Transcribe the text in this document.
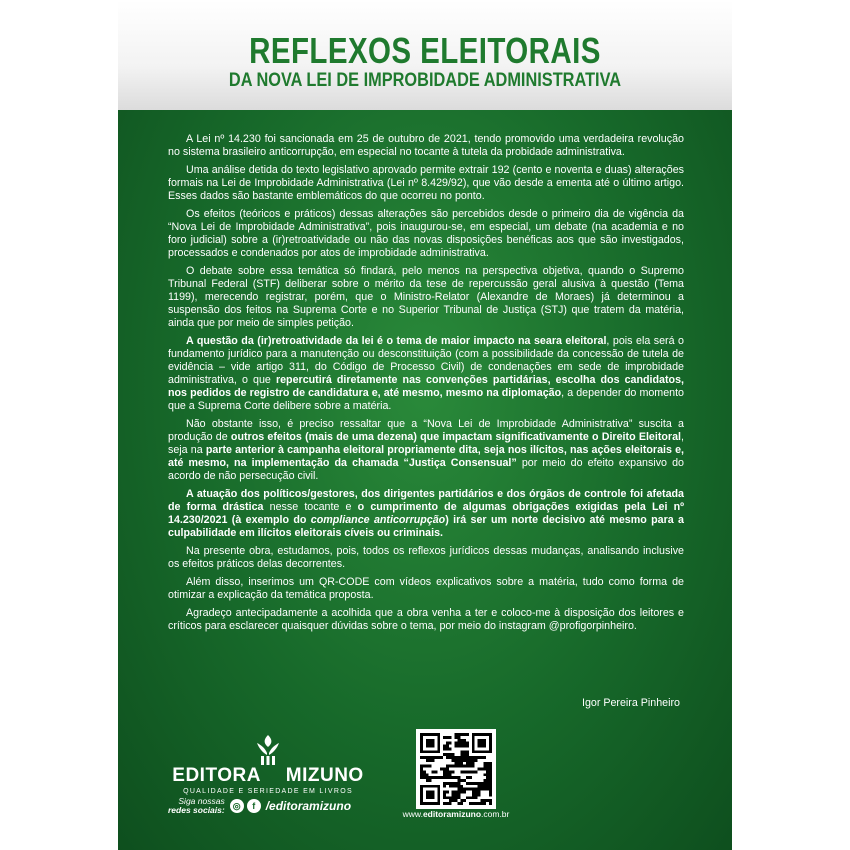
REFLEXOS ELEITORAIS
DA NOVA LEI DE IMPROBIDADE ADMINISTRATIVA

A Lei nº 14.230 foi sancionada em 25 de outubro de 2021, tendo promovido uma verdadeira revolução no sistema brasileiro anticorrupção, em especial no tocante à tutela da probidade administrativa.

Uma análise detida do texto legislativo aprovado permite extrair 192 (cento e noventa e duas) alterações formais na Lei de Improbidade Administrativa (Lei nº 8.429/92), que vão desde a ementa até o último artigo. Esses dados são bastante emblemáticos do que ocorreu no ponto.

Os efeitos (teóricos e práticos) dessas alterações são percebidos desde o primeiro dia de vigência da “Nova Lei de Improbidade Administrativa”, pois inaugurou-se, em especial, um debate (na academia e no foro judicial) sobre a (ir)retroatividade ou não das novas disposições benéficas aos que são investigados, processados e condenados por atos de improbidade administrativa.

O debate sobre essa temática só findará, pelo menos na perspectiva objetiva, quando o Supremo Tribunal Federal (STF) deliberar sobre o mérito da tese de repercussão geral alusiva à questão (Tema 1199), merecendo registrar, porém, que o Ministro-Relator (Alexandre de Moraes) já determinou a suspensão dos feitos na Suprema Corte e no Superior Tribunal de Justiça (STJ) que tratem da matéria, ainda que por meio de simples petição.

A questão da (ir)retroatividade da lei é o tema de maior impacto na seara eleitoral, pois ela será o fundamento jurídico para a manutenção ou desconstituição (com a possibilidade da concessão de tutela de evidência – vide artigo 311, do Código de Processo Civil) de condenações em sede de improbidade administrativa, o que repercutirá diretamente nas convenções partidárias, escolha dos candidatos, nos pedidos de registro de candidatura e, até mesmo, mesmo na diplomação, a depender do momento que a Suprema Corte delibere sobre a matéria.

Não obstante isso, é preciso ressaltar que a “Nova Lei de Improbidade Administrativa” suscita a produção de outros efeitos (mais de uma dezena) que impactam significativamente o Direito Eleitoral, seja na parte anterior à campanha eleitoral propriamente dita, seja nos ilícitos, nas ações eleitorais e, até mesmo, na implementação da chamada “Justiça Consensual” por meio do efeito expansivo do acordo de não persecução civil.

A atuação dos políticos/gestores, dos dirigentes partidários e dos órgãos de controle foi afetada de forma drástica nesse tocante e o cumprimento de algumas obrigações exigidas pela Lei nº 14.230/2021 (à exemplo do compliance anticorrupção) irá ser um norte decisivo até mesmo para a culpabilidade em ilícitos eleitorais cíveis ou criminais.

Na presente obra, estudamos, pois, todos os reflexos jurídicos dessas mudanças, analisando inclusive os efeitos práticos delas decorrentes.

Além disso, inserimos um QR-CODE com vídeos explicativos sobre a matéria, tudo como forma de otimizar a explicação da temática proposta.

Agradeço antecipadamente a acolhida que a obra venha a ter e coloco-me à disposição dos leitores e críticos para esclarecer quaisquer dúvidas sobre o tema, por meio do instagram @profigorpinheiro.

Igor Pereira Pinheiro
EDITORA MIZUNO
QUALIDADE E SERIEDADE EM LIVROS
Siga nossas
redes sociais: ◎	f /editoramizuno
www.editoramizuno.com.br
